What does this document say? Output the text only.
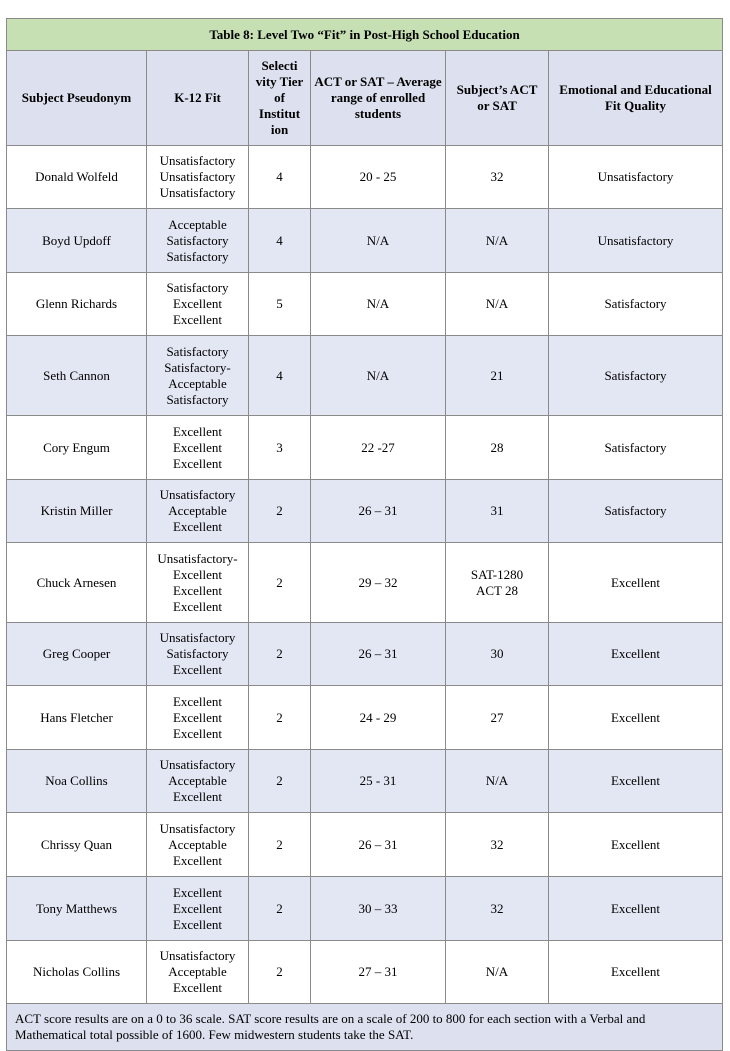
Table 8: Level Two “Fit” in Post-High School Education					
Subject Pseudonym	K-12 Fit	Selecti vity Tier of Institut ion	ACT or SAT – Average range of enrolled students	Subject’s ACT or SAT	Emotional and Educational Fit Quality
Donald Wolfeld	Unsatisfactory
Unsatisfactory
Unsatisfactory	4	20 - 25	32	Unsatisfactory
Boyd Updoff	Acceptable
Satisfactory
Satisfactory	4	N/A	N/A	Unsatisfactory
Glenn Richards	Satisfactory
Excellent
Excellent	5	N/A	N/A	Satisfactory
Seth Cannon	Satisfactory
Satisfactory-
Acceptable
Satisfactory	4	N/A	21	Satisfactory
Cory Engum	Excellent
Excellent
Excellent	3	22 -27	28	Satisfactory
Kristin Miller	Unsatisfactory
Acceptable
Excellent	2	26 – 31	31	Satisfactory
Chuck Arnesen	Unsatisfactory-
Excellent
Excellent
Excellent	2	29 – 32	SAT-1280
ACT 28	Excellent
Greg Cooper	Unsatisfactory
Satisfactory
Excellent	2	26 – 31	30	Excellent
Hans Fletcher	Excellent
Excellent
Excellent	2	24 - 29	27	Excellent
Noa Collins	Unsatisfactory
Acceptable
Excellent	2	25 - 31	N/A	Excellent
Chrissy Quan	Unsatisfactory
Acceptable
Excellent	2	26 – 31	32	Excellent
Tony Matthews	Excellent
Excellent
Excellent	2	30 – 33	32	Excellent
Nicholas Collins	Unsatisfactory
Acceptable
Excellent	2	27 – 31	N/A	Excellent
ACT score results are on a 0 to 36 scale. SAT score results are on a scale of 200 to 800 for each section with a Verbal and Mathematical total possible of 1600. Few midwestern students take the SAT.					
